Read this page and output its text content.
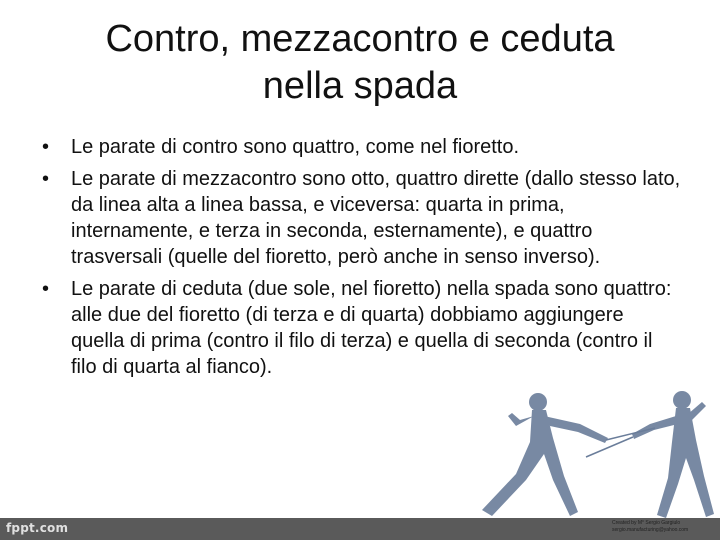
Contro, mezzacontro e ceduta
nella spada
•	Le parate di contro sono quattro, come nel fioretto.
•	Le parate di mezzacontro sono otto, quattro dirette (dallo stesso lato, da linea alta a linea bassa, e viceversa: quarta in prima, internamente, e terza in seconda, esternamente), e quattro trasversali (quelle del fioretto, però anche in senso inverso).
•	Le parate di ceduta (due sole, nel fioretto) nella spada sono quattro: alle due del fioretto (di terza e di quarta) dobbiamo aggiungere quella di prima (contro il filo di terza) e quella di seconda (contro il filo di quarta al fianco).
fppt.com	Created by M° Sergio Gargiulo
sergio.manufacturing@yahoo.com
